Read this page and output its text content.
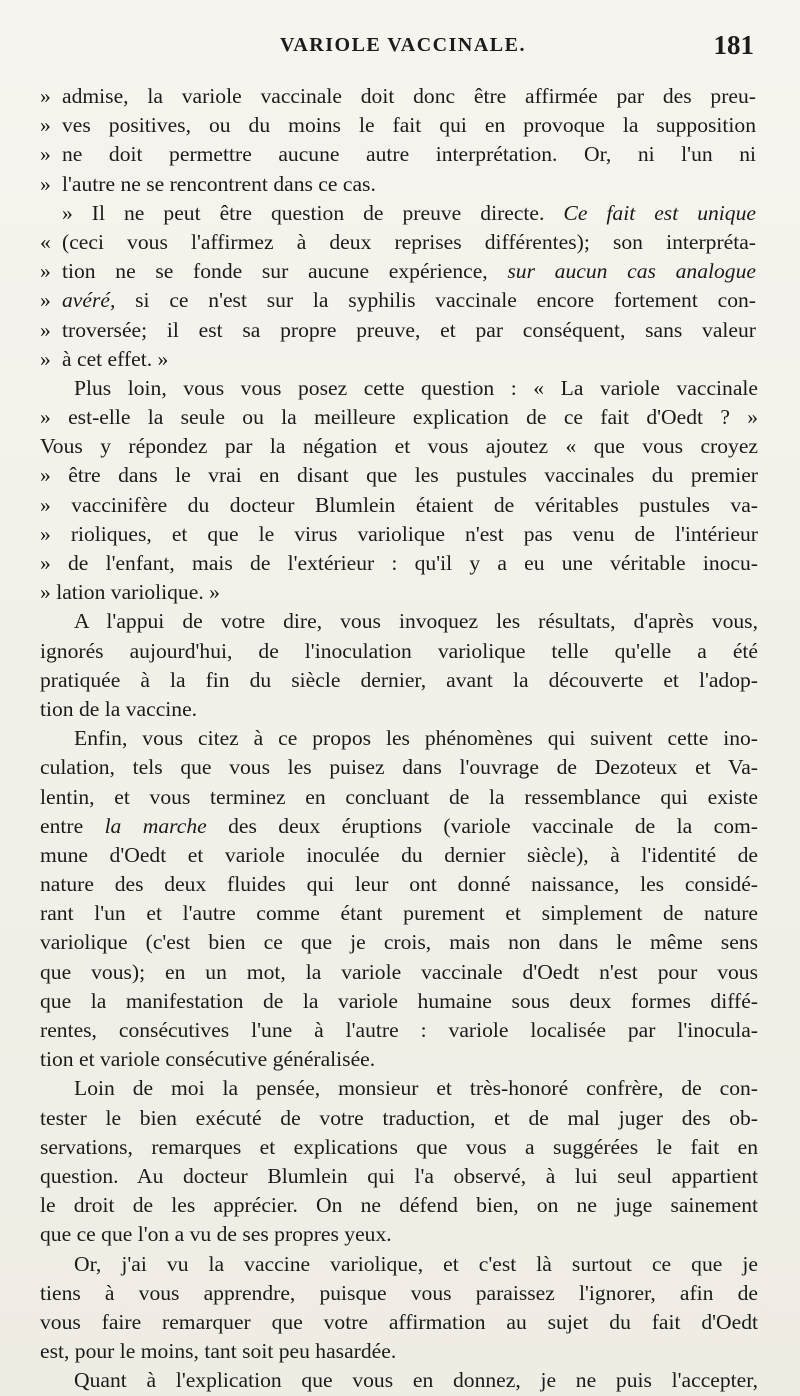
VARIOLE VACCINALE.	181
» admise, la variole vaccinale doit donc être affirmée par des preu-
» ves positives, ou du moins le fait qui en provoque la supposition
» ne doit permettre aucune autre interprétation. Or, ni l'un ni
» l'autre ne se rencontrent dans ce cas.
» Il ne peut être question de preuve directe. Ce fait est unique
« (ceci vous l'affirmez à deux reprises différentes); son interpréta-
» tion ne se fonde sur aucune expérience, sur aucun cas analogue
» avéré, si ce n'est sur la syphilis vaccinale encore fortement con-
» troversée; il est sa propre preuve, et par conséquent, sans valeur
» à cet effet. »
Plus loin, vous vous posez cette question : « La variole vaccinale
» est-elle la seule ou la meilleure explication de ce fait d'Oedt ? »
Vous y répondez par la négation et vous ajoutez « que vous croyez
» être dans le vrai en disant que les pustules vaccinales du premier
» vaccinifère du docteur Blumlein étaient de véritables pustules va-
» rioliques, et que le virus variolique n'est pas venu de l'intérieur
» de l'enfant, mais de l'extérieur : qu'il y a eu une véritable inocu-
» lation variolique. »
A l'appui de votre dire, vous invoquez les résultats, d'après vous,
ignorés aujourd'hui, de l'inoculation variolique telle qu'elle a été
pratiquée à la fin du siècle dernier, avant la découverte et l'adop-
tion de la vaccine.
Enfin, vous citez à ce propos les phénomènes qui suivent cette ino-
culation, tels que vous les puisez dans l'ouvrage de Dezoteux et Va-
lentin, et vous terminez en concluant de la ressemblance qui existe
entre la marche des deux éruptions (variole vaccinale de la com-
mune d'Oedt et variole inoculée du dernier siècle), à l'identité de
nature des deux fluides qui leur ont donné naissance, les considé-
rant l'un et l'autre comme étant purement et simplement de nature
variolique (c'est bien ce que je crois, mais non dans le même sens
que vous); en un mot, la variole vaccinale d'Oedt n'est pour vous
que la manifestation de la variole humaine sous deux formes diffé-
rentes, consécutives l'une à l'autre : variole localisée par l'inocula-
tion et variole consécutive généralisée.
Loin de moi la pensée, monsieur et très-honoré confrère, de con-
tester le bien exécuté de votre traduction, et de mal juger des ob-
servations, remarques et explications que vous a suggérées le fait en
question. Au docteur Blumlein qui l'a observé, à lui seul appartient
le droit de les apprécier. On ne défend bien, on ne juge sainement
que ce que l'on a vu de ses propres yeux.
Or, j'ai vu la vaccine variolique, et c'est là surtout ce que je
tiens à vous apprendre, puisque vous paraissez l'ignorer, afin de
vous faire remarquer que votre affirmation au sujet du fait d'Oedt
est, pour le moins, tant soit peu hasardée.
Quant à l'explication que vous en donnez, je ne puis l'accepter,
